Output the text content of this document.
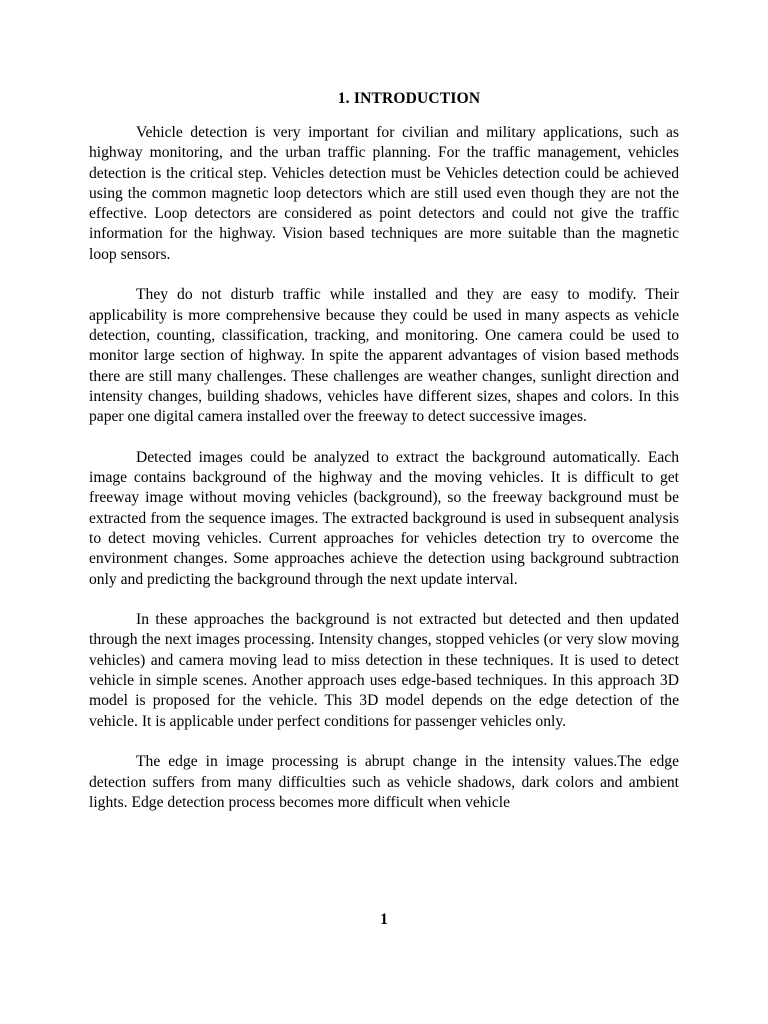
1. INTRODUCTION

Vehicle detection is very important for civilian and military applications, such as highway monitoring, and the urban traffic planning. For the traffic management, vehicles detection is the critical step. Vehicles detection must be Vehicles detection could be achieved using the common magnetic loop detectors which are still used even though they are not the effective. Loop detectors are considered as point detectors and could not give the traffic information for the highway. Vision based techniques are more suitable than the magnetic loop sensors.

They do not disturb traffic while installed and they are easy to modify. Their applicability is more comprehensive because they could be used in many aspects as vehicle detection, counting, classification, tracking, and monitoring. One camera could be used to monitor large section of highway. In spite the apparent advantages of vision based methods there are still many challenges. These challenges are weather changes, sunlight direction and intensity changes, building shadows, vehicles have different sizes, shapes and colors. In this paper one digital camera installed over the freeway to detect successive images.

Detected images could be analyzed to extract the background automatically. Each image contains background of the highway and the moving vehicles. It is difficult to get freeway image without moving vehicles (background), so the freeway background must be extracted from the sequence images. The extracted background is used in subsequent analysis to detect moving vehicles. Current approaches for vehicles detection try to overcome the environment changes. Some approaches achieve the detection using background subtraction only and predicting the background through the next update interval.

In these approaches the background is not extracted but detected and then updated through the next images processing. Intensity changes, stopped vehicles (or very slow moving vehicles) and camera moving lead to miss detection in these techniques. It is used to detect vehicle in simple scenes. Another approach uses edge-based techniques. In this approach 3D model is proposed for the vehicle. This 3D model depends on the edge detection of the vehicle. It is applicable under perfect conditions for passenger vehicles only.

The edge in image processing is abrupt change in the intensity values.The edge detection suffers from many difficulties such as vehicle shadows, dark colors and ambient lights. Edge detection process becomes more difficult when vehicle

1
